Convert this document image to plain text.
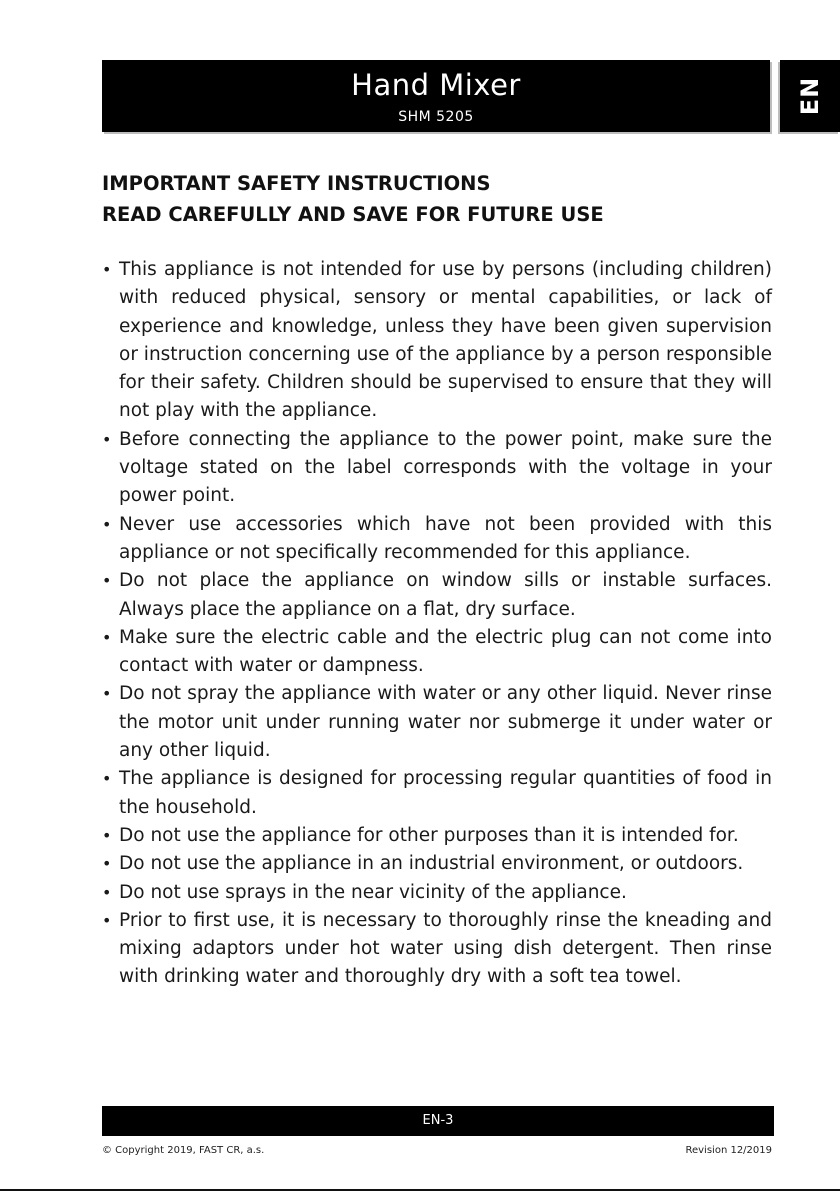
Hand Mixer
SHM 5205
EN
IMPORTANT SAFETY INSTRUCTIONS
READ CAREFULLY AND SAVE FOR FUTURE USE
• This appliance is not intended for use by persons (including children) with reduced physical, sensory or mental capabilities, or lack of experience and knowledge, unless they have been given supervision or instruction concerning use of the appliance by a person responsible for their safety. Children should be supervised to ensure that they will not play with the appliance.
• Before connecting the appliance to the power point, make sure the voltage stated on the label corresponds with the voltage in your power point.
• Never use accessories which have not been provided with this appliance or not specifically recommended for this appliance.
• Do not place the appliance on window sills or instable surfaces. Always place the appliance on a flat, dry surface.
• Make sure the electric cable and the electric plug can not come into contact with water or dampness.
• Do not spray the appliance with water or any other liquid. Never rinse the motor unit under running water nor submerge it under water or any other liquid.
• The appliance is designed for processing regular quantities of food in the household.
• Do not use the appliance for other purposes than it is intended for.
• Do not use the appliance in an industrial environment, or outdoors.
• Do not use sprays in the near vicinity of the appliance.
• Prior to first use, it is necessary to thoroughly rinse the kneading and mixing adaptors under hot water using dish detergent. Then rinse with drinking water and thoroughly dry with a soft tea towel.
EN-3
© Copyright 2019, FAST CR, a.s.	Revision 12/2019
